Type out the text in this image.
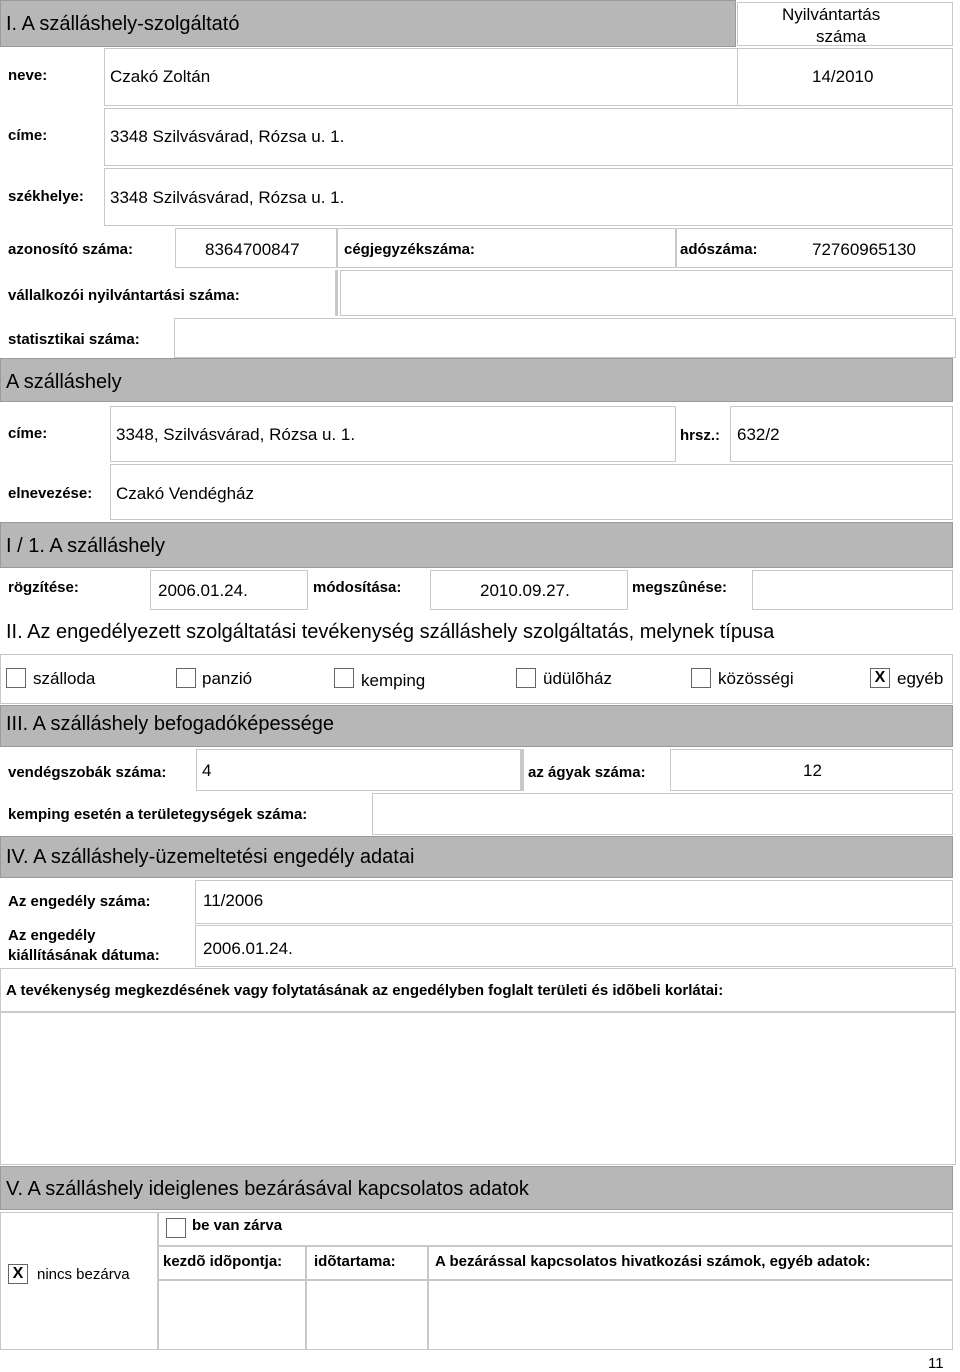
I. A szálláshely-szolgáltató	Nyilvántartás
száma
neve:	Czakó Zoltán	14/2010
címe:	3348 Szilvásvárad, Rózsa u. 1.
székhelye: 3348 Szilvásvárad, Rózsa u. 1.
azonosító száma:	8364700847	cégjegyzékszáma:	adószáma:	72760965130
vállalkozói nyilvántartási száma:
statisztikai száma:
A szálláshely
címe:	3348, Szilvásvárad, Rózsa u. 1.	hrsz.: 632/2
elnevezése: Czakó Vendégház
I / 1. A szálláshely
rögzítése:	2006.01.24.	módosítása:	2010.09.27.	megszûnése:
II. Az engedélyezett szolgáltatási tevékenység szálláshely szolgáltatás, melynek típusa
szálloda	panzió	kemping	üdülõház	közösségi	X egyéb
III. A szálláshely befogadóképessége
vendégszobák száma: 4	az ágyak száma:	12
kemping esetén a területegységek száma:
IV. A szálláshely-üzemeltetési engedély adatai
Az engedély száma:	11/2006
Az engedély
kiállításának dátuma:	2006.01.24.
A tevékenység megkezdésének vagy folytatásának az engedélyben foglalt területi és idõbeli korlátai:
V. A szálláshely ideiglenes bezárásával kapcsolatos adatok
X nincs bezárva
be van zárva
kezdõ idõpontja: idõtartama:	A bezárással kapcsolatos hivatkozási számok, egyéb adatok:
11
